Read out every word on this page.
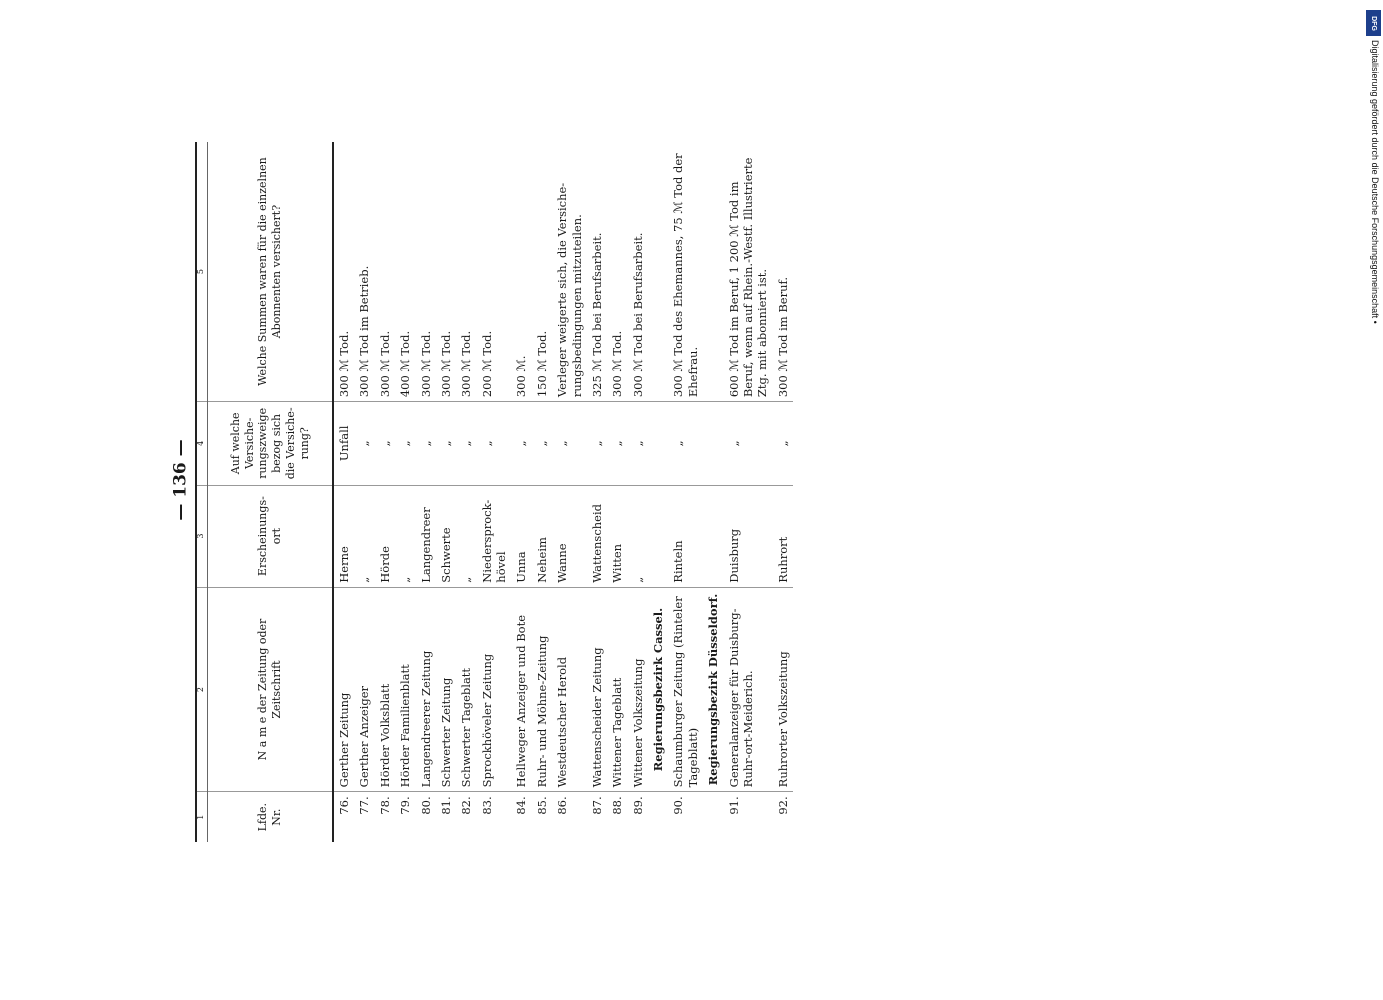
— 136 —
1	2	3	4	5
Lfde. Nr.	N a m e der Zeitung oder Zeitschrift	Erscheinungs-ort	Auf welche Versiche-rungszweige bezog sich die Versiche-rung?	Welche Summen waren für die einzelnen Abonnenten versichert?
76.	Gerther Zeitung	Herne	Unfall	300 ℳ Tod.
77.	Gerther Anzeiger	„	„	300 ℳ Tod im Betrieb.
78.	Hörder Volksblatt	Hörde	„	300 ℳ Tod.
79.	Hörder Familienblatt	„	„	400 ℳ Tod.
80.	Langendreerer Zeitung	Langendreer	„	300 ℳ Tod.
81.	Schwerter Zeitung	Schwerte	„	300 ℳ Tod.
82.	Schwerter Tageblatt	„	„	300 ℳ Tod.
83.	Sprockhöveler Zeitung	Niedersprock-hövel	„	200 ℳ Tod.
84.	Hellweger Anzeiger und Bote	Unna	„	300 ℳ.
85.	Ruhr- und Möhne-Zeitung	Neheim	„	150 ℳ Tod.
86.	Westdeutscher Herold	Wanne	„	Verleger weigerte sich, die Versiche-rungsbedingungen mitzuteilen.
87.	Wattenscheider Zeitung	Wattenscheid	„	325 ℳ Tod bei Berufsarbeit.
88.	Wittener Tageblatt	Witten	„	300 ℳ Tod.
89.	Wittener Volkszeitung	„	„	300 ℳ Tod bei Berufsarbeit.
	Regierungsbezirk Cassel.			
90.	Schaumburger Zeitung (Rinteler Tageblatt)	Rinteln	„	300 ℳ Tod des Ehemannes, 75 ℳ Tod der Ehefrau.
	Regierungsbezirk Düsseldorf.			
91.	Generalanzeiger für Duisburg-Ruhr-ort-Meiderich.	Duisburg	„	600 ℳ Tod im Beruf, 1 200 ℳ Tod im Beruf, wenn auf Rhein.-Westf. Illustrierte Ztg. mit abonniert ist.
92.	Ruhrorter Volkszeitung	Ruhrort	„	300 ℳ Tod im Beruf.
DFG
Digitalisierung gefördert durch die Deutsche Forschungsgemeinschaft •
